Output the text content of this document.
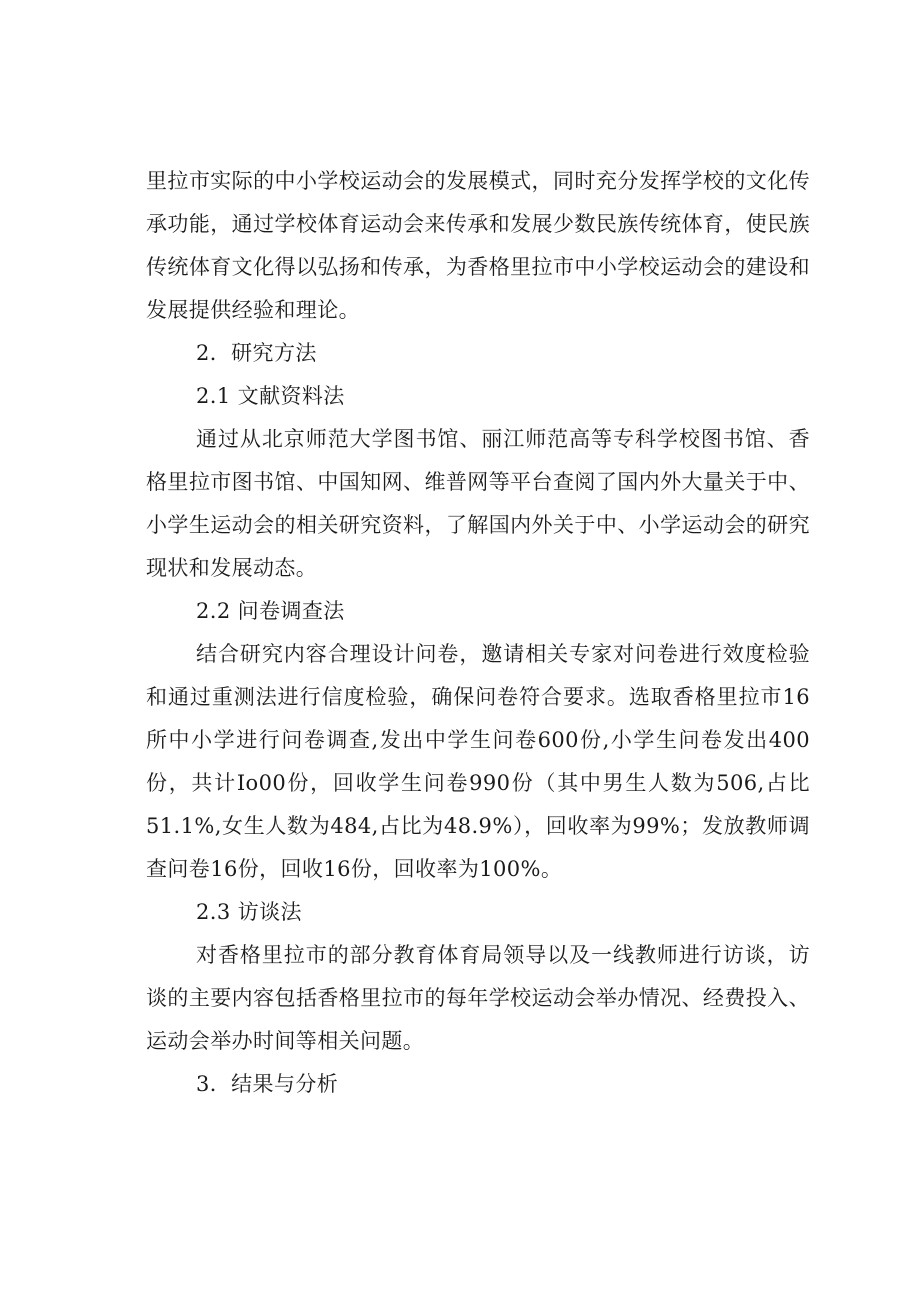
里拉市实际的中小学校运动会的发展模式，同时充分发挥学校的文化传承功能，通过学校体育运动会来传承和发展少数民族传统体育，使民族传统体育文化得以弘扬和传承，为香格里拉市中小学校运动会的建设和发展提供经验和理论。

2．研究方法
2.1 文献资料法

通过从北京师范大学图书馆、丽江师范高等专科学校图书馆、香格里拉市图书馆、中国知网、维普网等平台查阅了国内外大量关于中、小学生运动会的相关研究资料，了解国内外关于中、小学运动会的研究现状和发展动态。

2.2 问卷调查法

结合研究内容合理设计问卷，邀请相关专家对问卷进行效度检验和通过重测法进行信度检验，确保问卷符合要求。选取香格里拉市16所中小学进行问卷调查,发出中学生问卷600份,小学生问卷发出400份，共计Io00份，回收学生问卷990份（其中男生人数为506,占比51.1%,女生人数为484,占比为48.9%），回收率为99%；发放教师调查问卷16份，回收16份，回收率为100%。

2.3 访谈法

对香格里拉市的部分教育体育局领导以及一线教师进行访谈，访谈的主要内容包括香格里拉市的每年学校运动会举办情况、经费投入、运动会举办时间等相关问题。

3．结果与分析
